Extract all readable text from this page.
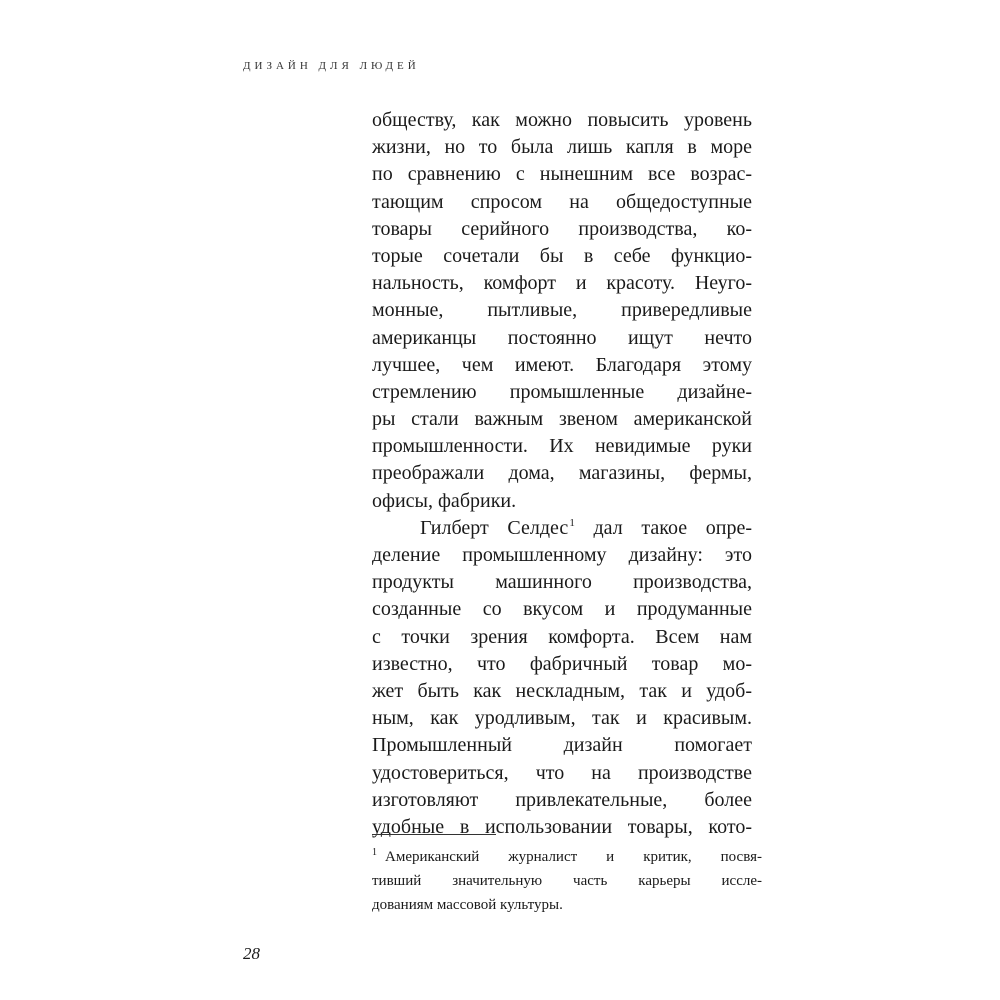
ДИЗАЙН ДЛЯ ЛЮДЕЙ
обществу, как можно повысить уровень
жизни, но то была лишь капля в море
по сравнению с нынешним все возрас-
тающим спросом на общедоступные
товары серийного производства, ко-
торые сочетали бы в себе функцио-
нальность, комфорт и красоту. Неуго-
монные, пытливые, привередливые
американцы постоянно ищут нечто
лучшее, чем имеют. Благодаря этому
стремлению промышленные дизайне-
ры стали важным звеном американской
промышленности. Их невидимые руки
преображали дома, магазины, фермы,
офисы, фабрики.
Гилберт Селдес$^1$ дал такое опре-
деление промышленному дизайну: это
продукты машинного производства,
созданные со вкусом и продуманные
с точки зрения комфорта. Всем нам
известно, что фабричный товар мо-
жет быть как нескладным, так и удоб-
ным, как уродливым, так и красивым.
Промышленный дизайн помогает
удостовериться, что на производстве
изготовляют привлекательные, более
удобные в использовании товары, кото-
$^1$ Американский журналист и критик, посвя-
тивший значительную часть карьеры иссле-
дованиям массовой культуры.
28
